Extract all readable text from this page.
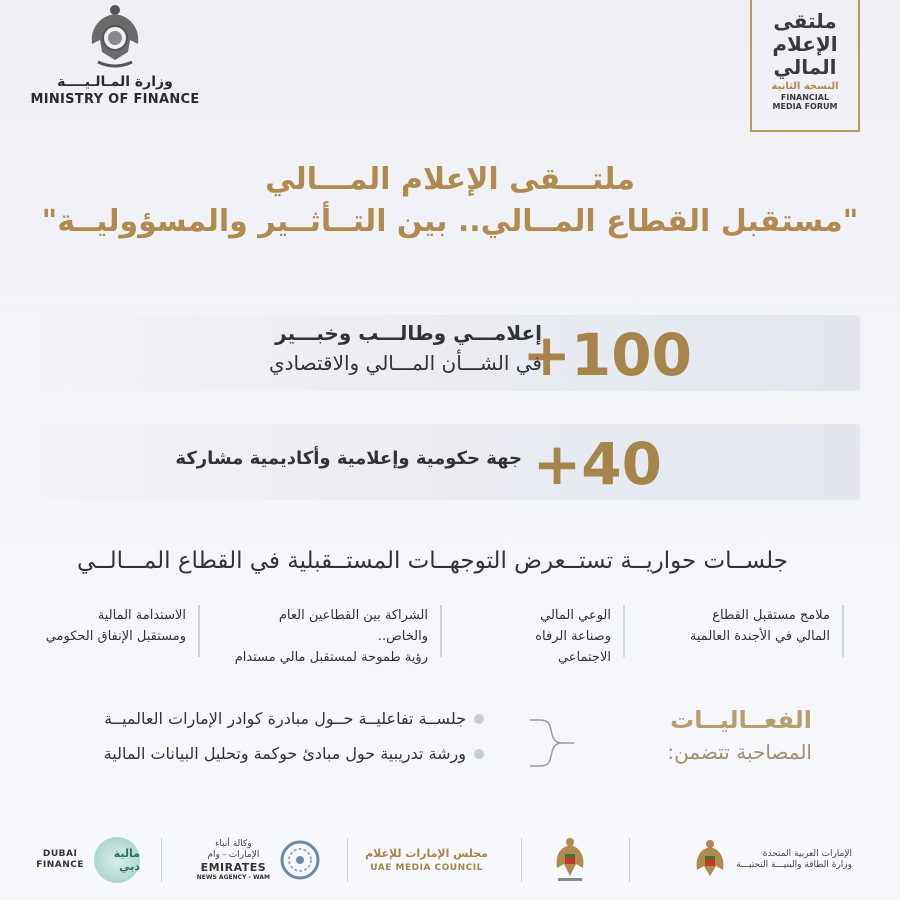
وزارة المـالـيــــة
MINISTRY OF FINANCE
ملتقى
الإعلام
المالي
النسخة الثانية
FINANCIAL
MEDIA FORUM
ملتـــقى الإعلام المـــالي
"مستقبل القطاع المــالي.. بين التــأثــير والمسؤوليــة"
+100
إعلامـــي وطالـــب وخبـــير
في الشـــأن المـــالي والاقتصادي
+40
جهة حكومية وإعلامية وأكاديمية مشاركة
جلســات حواريــة تستــعرض التوجهــات المستــقبلية في القطاع المـــالــي
ملامح مستقبل القطاع
المالي في الأجندة العالمية
الوعي المالي
وصناعة الرفاه الاجتماعي
الشراكة بين القطاعين العام والخاص..
رؤية طموحة لمستقبل مالي مستدام
الاستدامة المالية
ومستقبل الإنفاق الحكومي
الفعــاليــات
المصاحبة تتضمن:
جلســة تفاعليــة حــول مبادرة كوادر الإمارات العالميــة
ورشة تدريبية حول مبادئ حوكمة وتحليل البيانات المالية
الإمارات العربية المتحدة
وزارة الطاقة والبنيـــة التحتيـــة
مجلس الإمارات للإعلام
UAE MEDIA COUNCIL
وكالة أنباء
الإمارات - وام
EMIRATES
NEWS AGENCY - WAM
مالية دبي
DUBAI
FINANCE
